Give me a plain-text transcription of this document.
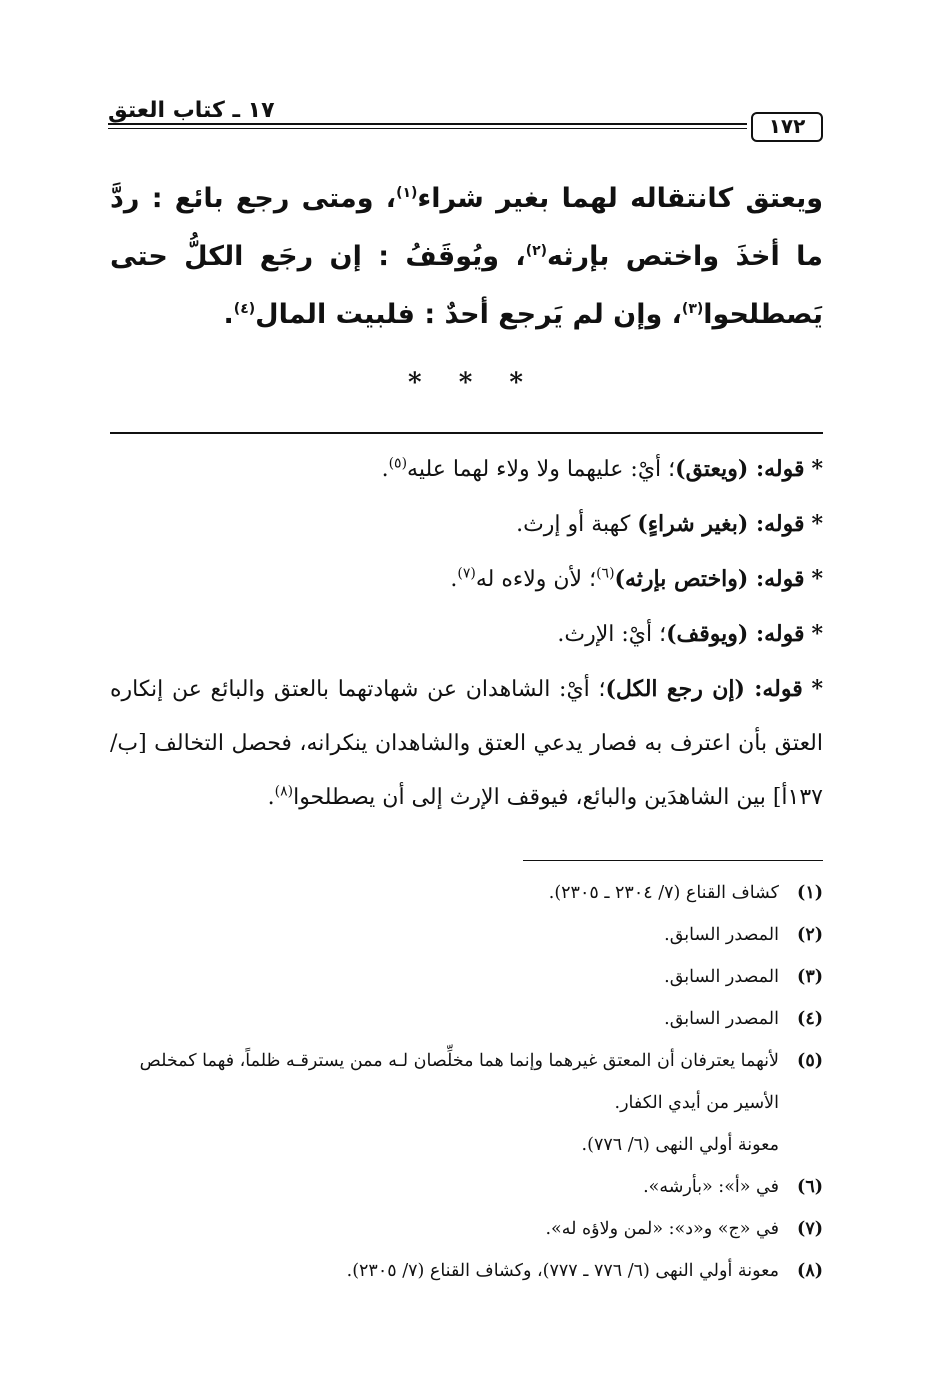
١٧ ـ كتاب العتق
١٧٢
ويعتق كانتقاله لهما بغير شراء$^{(١)}$، ومتى رجع بائع : ردَّ ما أخذَ واختص بإرثه$^{(٢)}$، ويُوقَفُ : إن رجَع الكلُّ حتى يَصطلحوا$^{(٣)}$، وإن لم يَرجع أحدٌ : فلبيت المال$^{(٤)}$.
* * *

* قوله: (ويعتق)؛ أيْ: عليهما ولا ولاء لهما عليه$^{(٥)}$.

* قوله: (بغير شراءٍ) كهبة أو إرث.

* قوله: (واختص بإرثه)$^{(٦)}$؛ لأن ولاءه له$^{(٧)}$.

* قوله: (ويوقف)؛ أيْ: الإرث.

* قوله: (إن رجع الكل)؛ أيْ: الشاهدان عن شهادتهما بالعتق والبائع عن إنكاره العتق بأن اعترف به فصار يدعي العتق والشاهدان ينكرانه، فحصل التخالف [ب/ ١٣٧أ] بين الشاهدَين والبائع، فيوقف الإرث إلى أن يصطلحوا$^{(٨)}$.

(١)
كشاف القناع (٧/ ٢٣٠٤ ـ ٢٣٠٥).
(٢)
المصدر السابق.
(٣)
المصدر السابق.
(٤)
المصدر السابق.
(٥)
لأنهما يعترفان أن المعتق غيرهما وإنما هما مخلِّصان لـه ممن يسترقـه ظلماً، فهما كمخلص الأسير من أيدي الكفار.
معونة أولي النهى (٦/ ٧٧٦).
(٦)
في «أ»: «بأرشه».
(٧)
في «ج» و«د»: «لمن ولاؤه له».
(٨)
معونة أولي النهى (٦/ ٧٧٦ ـ ٧٧٧)، وكشاف القناع (٧/ ٢٣٠٥).
